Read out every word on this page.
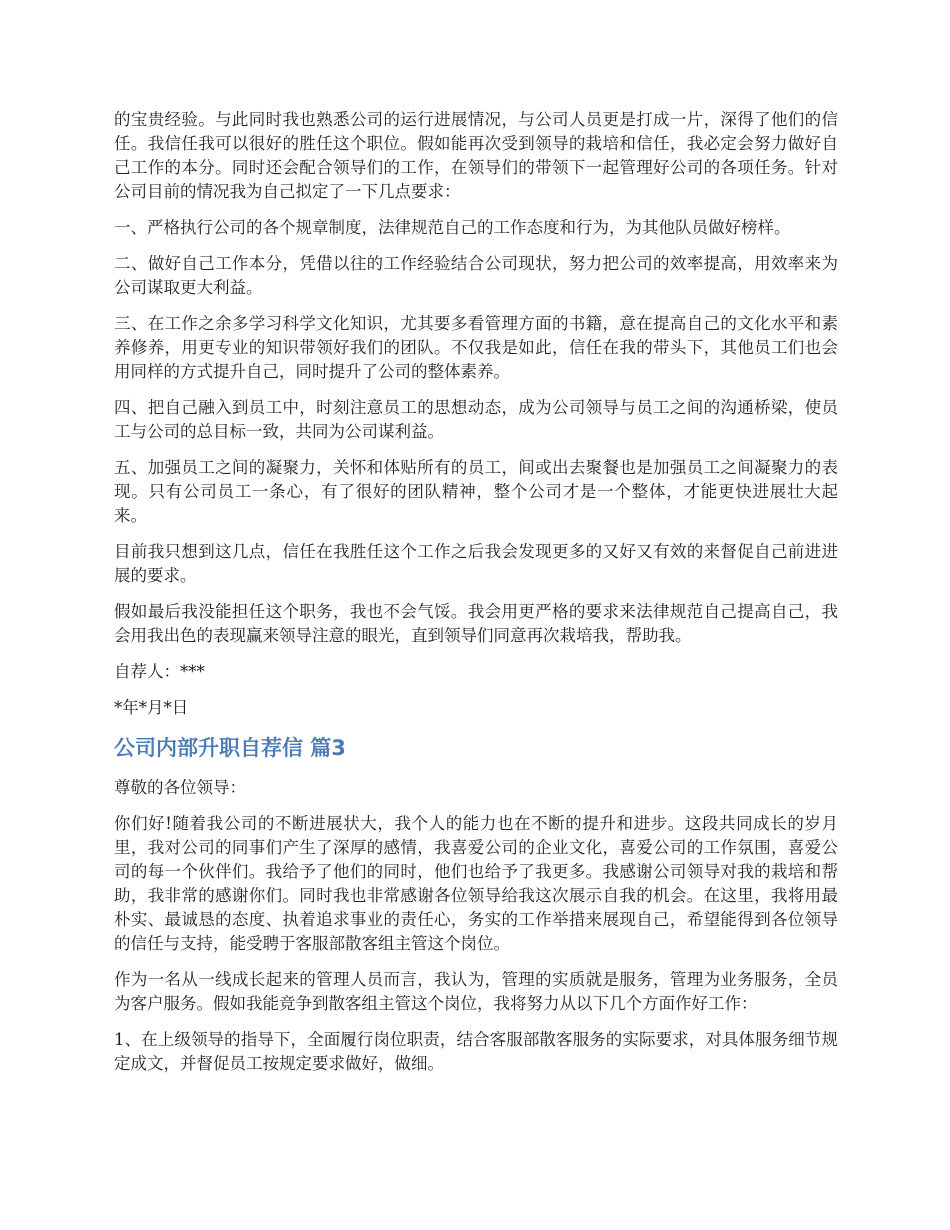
的宝贵经验。与此同时我也熟悉公司的运行进展情况，与公司人员更是打成一片，深得了他们的信任。我信任我可以很好的胜任这个职位。假如能再次受到领导的栽培和信任，我必定会努力做好自己工作的本分。同时还会配合领导们的工作，在领导们的带领下一起管理好公司的各项任务。针对公司目前的情况我为自己拟定了一下几点要求：

一、严格执行公司的各个规章制度，法律规范自己的工作态度和行为，为其他队员做好榜样。

二、做好自己工作本分，凭借以往的工作经验结合公司现状，努力把公司的效率提高，用效率来为公司谋取更大利益。

三、在工作之余多学习科学文化知识，尤其要多看管理方面的书籍，意在提高自己的文化水平和素养修养，用更专业的知识带领好我们的团队。不仅我是如此，信任在我的带头下，其他员工们也会用同样的方式提升自己，同时提升了公司的整体素养。

四、把自己融入到员工中，时刻注意员工的思想动态，成为公司领导与员工之间的沟通桥梁，使员工与公司的总目标一致，共同为公司谋利益。

五、加强员工之间的凝聚力，关怀和体贴所有的员工，间或出去聚餐也是加强员工之间凝聚力的表现。只有公司员工一条心，有了很好的团队精神，整个公司才是一个整体，才能更快进展壮大起来。

目前我只想到这几点，信任在我胜任这个工作之后我会发现更多的又好又有效的来督促自己前进进展的要求。

假如最后我没能担任这个职务，我也不会气馁。我会用更严格的要求来法律规范自己提高自己，我会用我出色的表现赢来领导注意的眼光，直到领导们同意再次栽培我，帮助我。

自荐人：***

*年*月*日

公司内部升职自荐信 篇3

尊敬的各位领导：

你们好!随着我公司的不断进展状大，我个人的能力也在不断的提升和进步。这段共同成长的岁月里，我对公司的同事们产生了深厚的感情，我喜爱公司的企业文化，喜爱公司的工作氛围，喜爱公司的每一个伙伴们。我给予了他们的同时，他们也给予了我更多。我感谢公司领导对我的栽培和帮助，我非常的感谢你们。同时我也非常感谢各位领导给我这次展示自我的机会。在这里，我将用最朴实、最诚恳的态度、执着追求事业的责任心，务实的工作举措来展现自己，希望能得到各位领导的信任与支持，能受聘于客服部散客组主管这个岗位。

作为一名从一线成长起来的管理人员而言，我认为，管理的实质就是服务，管理为业务服务，全员为客户服务。假如我能竞争到散客组主管这个岗位，我将努力从以下几个方面作好工作：

1、在上级领导的指导下，全面履行岗位职责，结合客服部散客服务的实际要求，对具体服务细节规定成文，并督促员工按规定要求做好，做细。
